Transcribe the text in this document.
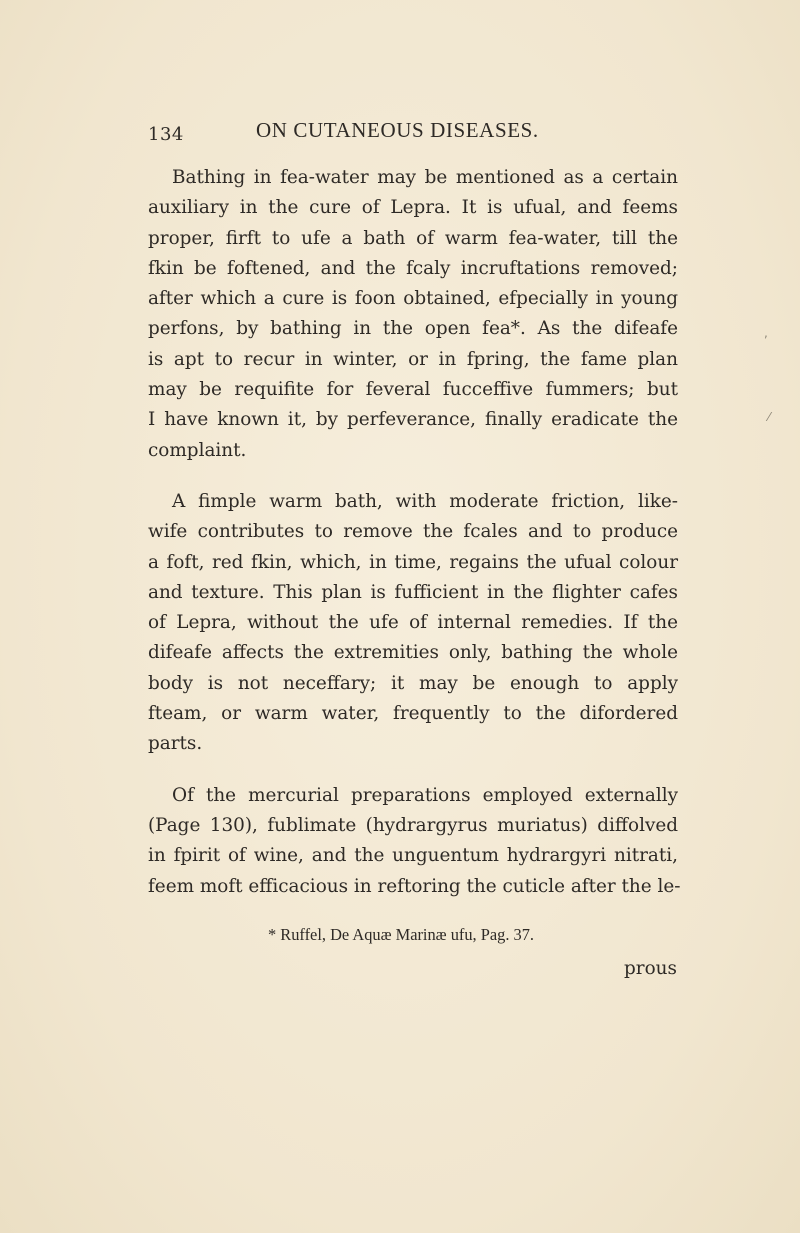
134	ON CUTANEOUS DISEASES.

Bathing in fea-water may be mentioned as a certain
auxiliary in the cure of Lepra. It is ufual, and feems
proper, firft to ufe a bath of warm fea-water, till the
fkin be foftened, and the fcaly incruftations removed;
after which a cure is foon obtained, efpecially in young
perfons, by bathing in the open fea*. As the difeafe
is apt to recur in winter, or in fpring, the fame plan
may be requifite for feveral fucceffive fummers; but
I have known it, by perfeverance, finally eradicate the
complaint.

A fimple warm bath, with moderate friction, like-
wife contributes to remove the fcales and to produce
a foft, red fkin, which, in time, regains the ufual colour
and texture. This plan is fufficient in the flighter cafes
of Lepra, without the ufe of internal remedies. If the
difeafe affects the extremities only, bathing the whole
body is not neceffary; it may be enough to apply
fteam, or warm water, frequently to the difordered
parts.

Of the mercurial preparations employed externally
(Page 130), fublimate (hydrargyrus muriatus) diffolved
in fpirit of wine, and the unguentum hydrargyri nitrati,
feem moft efficacious in reftoring the cuticle after the le-

* Ruffel, De Aquæ Marinæ ufu, Pag. 37.
prous
,
⁄
